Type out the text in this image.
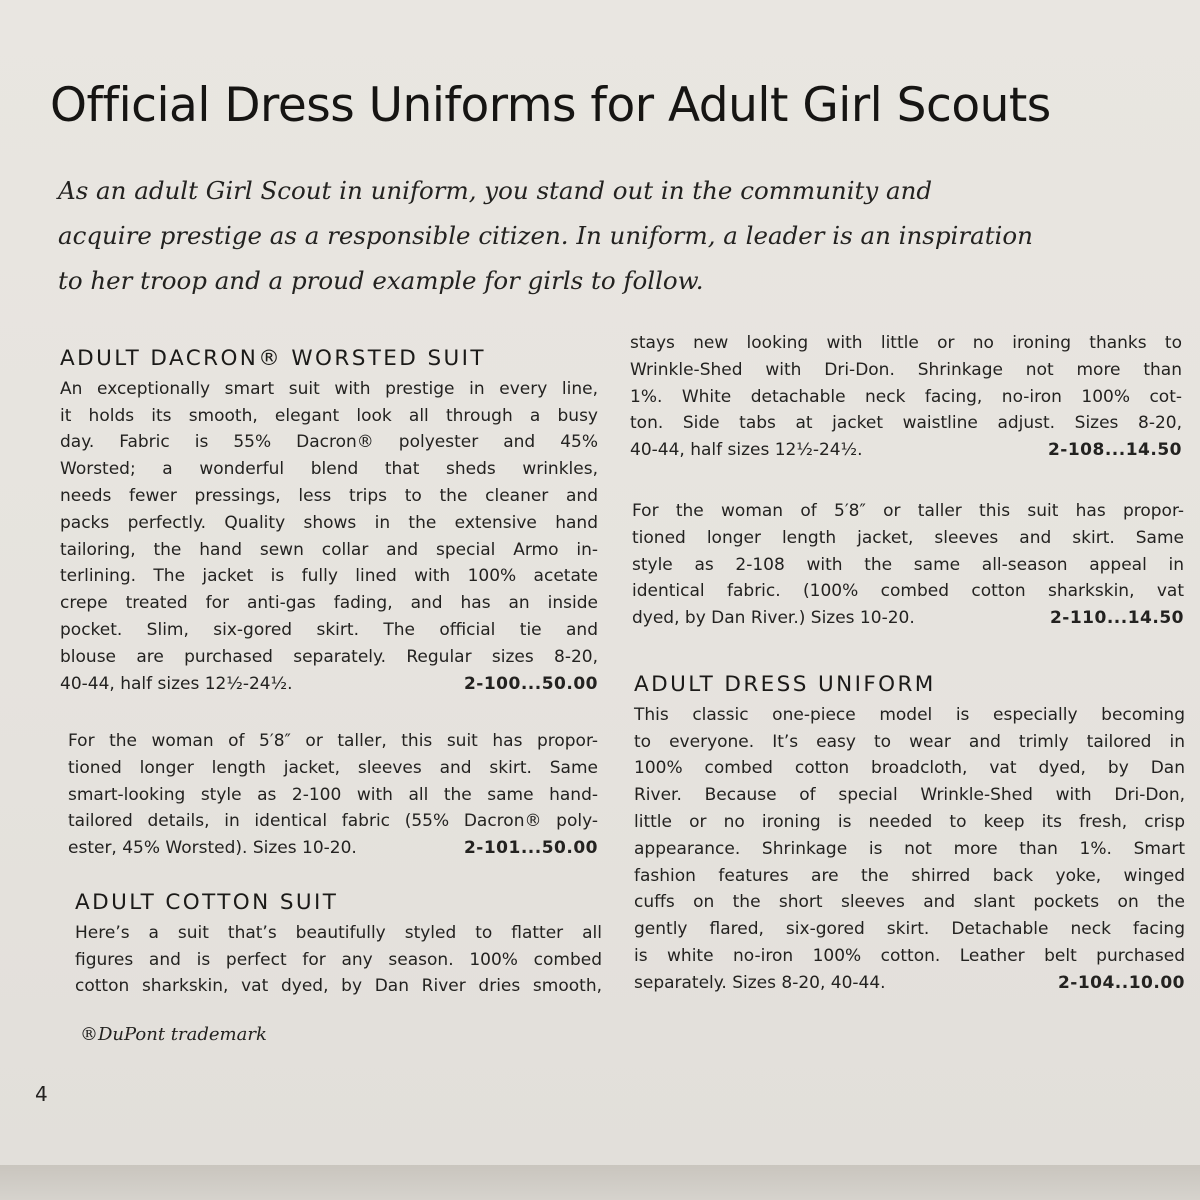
Official Dress Uniforms for Adult Girl Scouts
As an adult Girl Scout in uniform, you stand out in the community and
acquire prestige as a responsible citizen. In uniform, a leader is an inspiration
to her troop and a proud example for girls to follow.
ADULT DACRON® WORSTED SUIT
An exceptionally smart suit with prestige in every line,
it holds its smooth, elegant look all through a busy
day. Fabric is 55% Dacron® polyester and 45%
Worsted; a wonderful blend that sheds wrinkles,
needs fewer pressings, less trips to the cleaner and
packs perfectly. Quality shows in the extensive hand
tailoring, the hand sewn collar and special Armo in-
terlining. The jacket is fully lined with 100% acetate
crepe treated for anti-gas fading, and has an inside
pocket. Slim, six-gored skirt. The official tie and
blouse are purchased separately. Regular sizes 8-20,
40-44, half sizes 12½-24½.	2-100...50.00
For the woman of 5′8″ or taller, this suit has propor-
tioned longer length jacket, sleeves and skirt. Same
smart-looking style as 2-100 with all the same hand-
tailored details, in identical fabric (55% Dacron® poly-
ester, 45% Worsted). Sizes 10-20.	2-101...50.00
ADULT COTTON SUIT
Here’s a suit that’s beautifully styled to flatter all
figures and is perfect for any season. 100% combed
cotton sharkskin, vat dyed, by Dan River dries smooth,
®DuPont trademark
4
stays new looking with little or no ironing thanks to
Wrinkle-Shed with Dri-Don. Shrinkage not more than
1%. White detachable neck facing, no-iron 100% cot-
ton. Side tabs at jacket waistline adjust. Sizes 8-20,
40-44, half sizes 12½-24½.	2-108...14.50
For the woman of 5′8″ or taller this suit has propor-
tioned longer length jacket, sleeves and skirt. Same
style as 2-108 with the same all-season appeal in
identical fabric. (100% combed cotton sharkskin, vat
dyed, by Dan River.) Sizes 10-20.	2-110...14.50
ADULT DRESS UNIFORM
This classic one-piece model is especially becoming
to everyone. It’s easy to wear and trimly tailored in
100% combed cotton broadcloth, vat dyed, by Dan
River. Because of special Wrinkle-Shed with Dri-Don,
little or no ironing is needed to keep its fresh, crisp
appearance. Shrinkage is not more than 1%. Smart
fashion features are the shirred back yoke, winged
cuffs on the short sleeves and slant pockets on the
gently flared, six-gored skirt. Detachable neck facing
is white no-iron 100% cotton. Leather belt purchased
separately. Sizes 8-20, 40-44.	2-104..10.00
